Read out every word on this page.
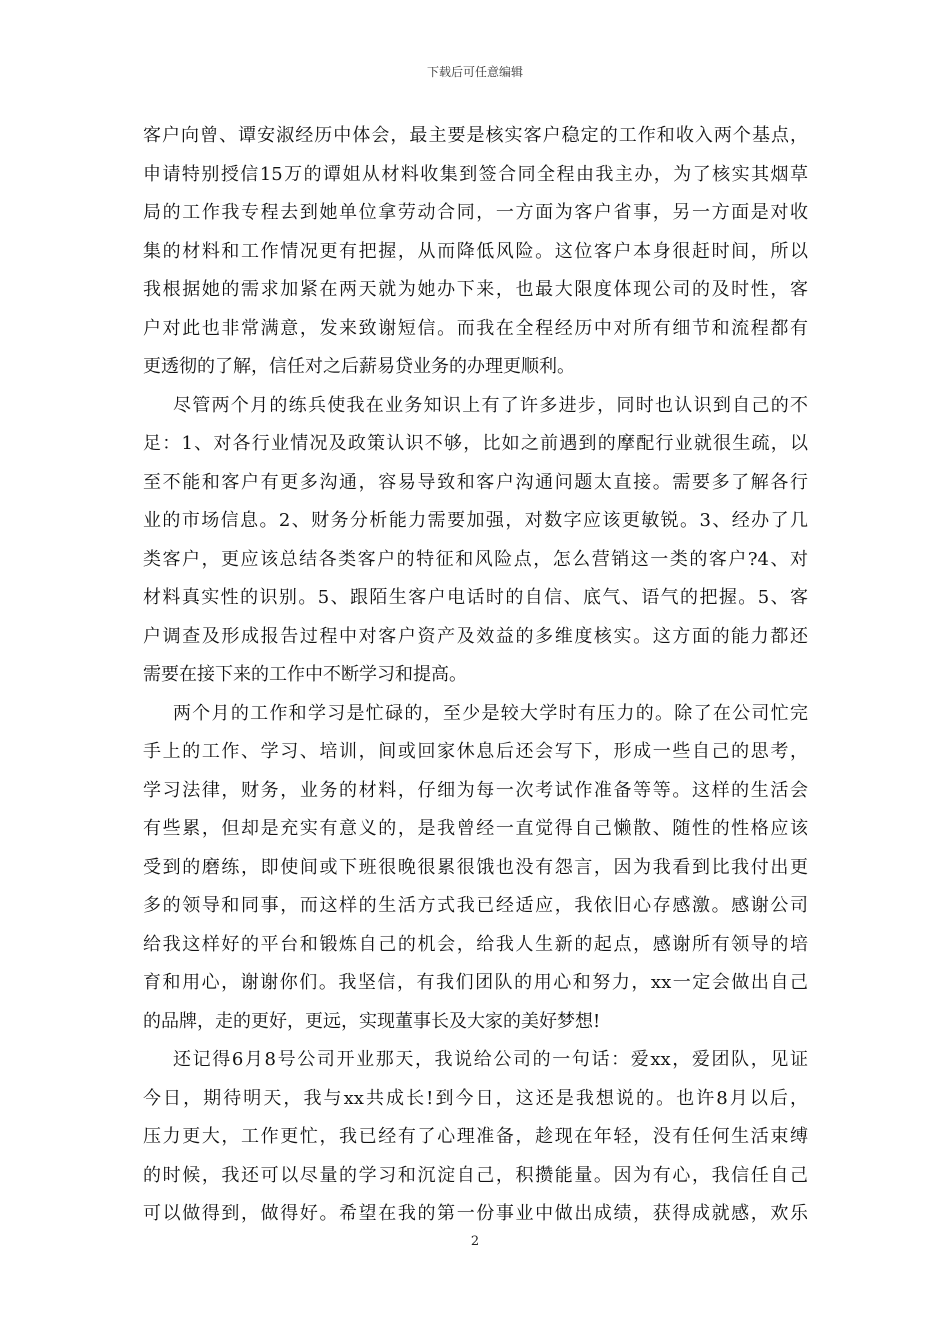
下载后可任意编辑
客户向曾、谭安淑经历中体会，最主要是核实客户稳定的工作和收入两个基点，
申请特别授信15万的谭姐从材料收集到签合同全程由我主办，为了核实其烟草
局的工作我专程去到她单位拿劳动合同，一方面为客户省事，另一方面是对收
集的材料和工作情况更有把握，从而降低风险。这位客户本身很赶时间，所以
我根据她的需求加紧在两天就为她办下来，也最大限度体现公司的及时性，客
户对此也非常满意，发来致谢短信。而我在全程经历中对所有细节和流程都有
更透彻的了解，信任对之后薪易贷业务的办理更顺利。
尽管两个月的练兵使我在业务知识上有了许多进步，同时也认识到自己的不
足：1、对各行业情况及政策认识不够，比如之前遇到的摩配行业就很生疏，以
至不能和客户有更多沟通，容易导致和客户沟通问题太直接。需要多了解各行
业的市场信息。2、财务分析能力需要加强，对数字应该更敏锐。3、经办了几
类客户，更应该总结各类客户的特征和风险点，怎么营销这一类的客户?4、对
材料真实性的识别。5、跟陌生客户电话时的自信、底气、语气的把握。5、客
户调查及形成报告过程中对客户资产及效益的多维度核实。这方面的能力都还
需要在接下来的工作中不断学习和提高。
两个月的工作和学习是忙碌的，至少是较大学时有压力的。除了在公司忙完
手上的工作、学习、培训，间或回家休息后还会写下，形成一些自己的思考，
学习法律，财务，业务的材料，仔细为每一次考试作准备等等。这样的生活会
有些累，但却是充实有意义的，是我曾经一直觉得自己懒散、随性的性格应该
受到的磨练，即使间或下班很晚很累很饿也没有怨言，因为我看到比我付出更
多的领导和同事，而这样的生活方式我已经适应，我依旧心存感激。感谢公司
给我这样好的平台和锻炼自己的机会，给我人生新的起点，感谢所有领导的培
育和用心，谢谢你们。我坚信，有我们团队的用心和努力，xx一定会做出自己
的品牌，走的更好，更远，实现董事长及大家的美好梦想!
还记得6月8号公司开业那天，我说给公司的一句话：爱xx，爱团队，见证
今日，期待明天，我与xx共成长!到今日，这还是我想说的。也许8月以后，
压力更大，工作更忙，我已经有了心理准备，趁现在年轻，没有任何生活束缚
的时候，我还可以尽量的学习和沉淀自己，积攒能量。因为有心，我信任自己
可以做得到，做得好。希望在我的第一份事业中做出成绩，获得成就感，欢乐
2
